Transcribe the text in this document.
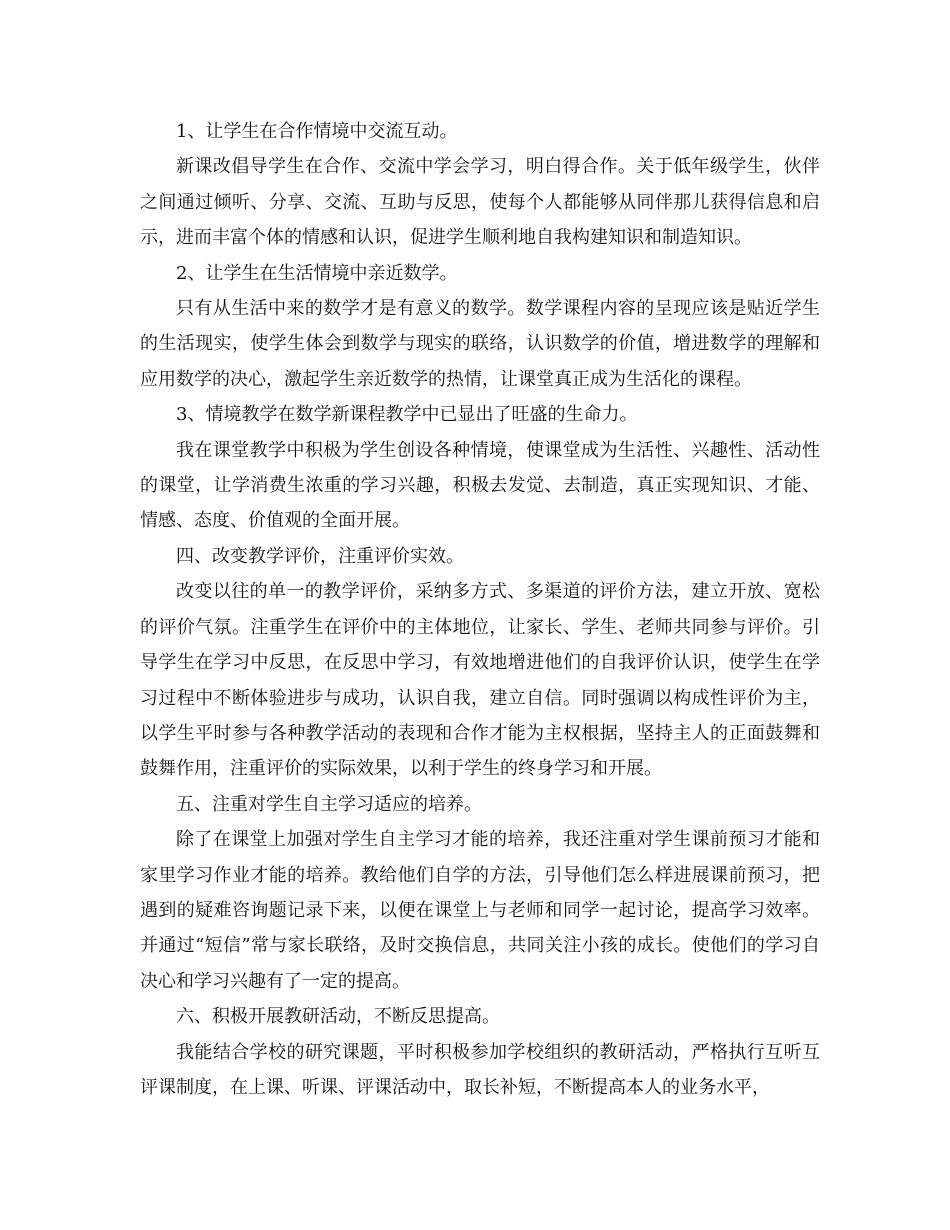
1、让学生在合作情境中交流互动。

新课改倡导学生在合作、交流中学会学习，明白得合作。关于低年级学生，伙伴之间通过倾听、分享、交流、互助与反思，使每个人都能够从同伴那儿获得信息和启示，进而丰富个体的情感和认识，促进学生顺利地自我构建知识和制造知识。

2、让学生在生活情境中亲近数学。

只有从生活中来的数学才是有意义的数学。数学课程内容的呈现应该是贴近学生的生活现实，使学生体会到数学与现实的联络，认识数学的价值，增进数学的理解和应用数学的决心，激起学生亲近数学的热情，让课堂真正成为生活化的课程。

3、情境教学在数学新课程教学中已显出了旺盛的生命力。

我在课堂教学中积极为学生创设各种情境，使课堂成为生活性、兴趣性、活动性的课堂，让学消费生浓重的学习兴趣，积极去发觉、去制造，真正实现知识、才能、情感、态度、价值观的全面开展。

四、改变教学评价，注重评价实效。

改变以往的单一的教学评价，采纳多方式、多渠道的评价方法，建立开放、宽松的评价气氛。注重学生在评价中的主体地位，让家长、学生、老师共同参与评价。引导学生在学习中反思，在反思中学习，有效地增进他们的自我评价认识，使学生在学习过程中不断体验进步与成功，认识自我，建立自信。同时强调以构成性评价为主，以学生平时参与各种教学活动的表现和合作才能为主权根据，坚持主人的正面鼓舞和鼓舞作用，注重评价的实际效果，以利于学生的终身学习和开展。

五、注重对学生自主学习适应的培养。

除了在课堂上加强对学生自主学习才能的培养，我还注重对学生课前预习才能和家里学习作业才能的培养。教给他们自学的方法，引导他们怎么样进展课前预习，把遇到的疑难咨询题记录下来，以便在课堂上与老师和同学一起讨论，提高学习效率。并通过“短信”常与家长联络，及时交换信息，共同关注小孩的成长。使他们的学习自决心和学习兴趣有了一定的提高。

六、积极开展教研活动，不断反思提高。

我能结合学校的研究课题，平时积极参加学校组织的教研活动，严格执行互听互评课制度，在上课、听课、评课活动中，取长补短，不断提高本人的业务水平，
